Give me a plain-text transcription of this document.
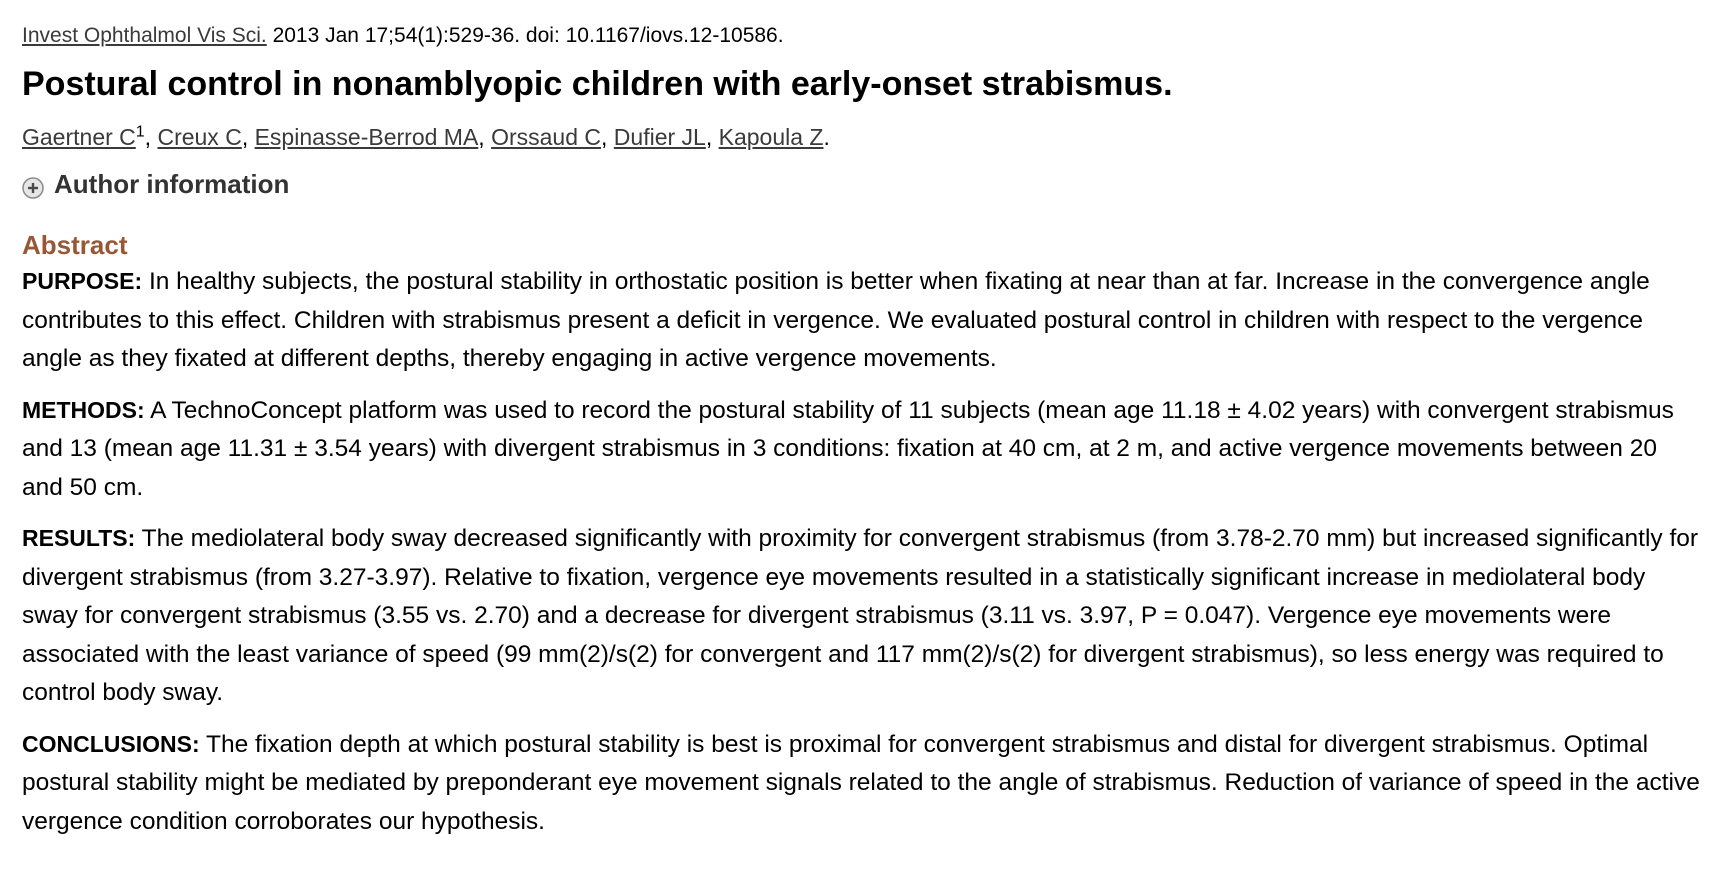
Invest Ophthalmol Vis Sci. 2013 Jan 17;54(1):529-36. doi: 10.1167/iovs.12-10586.
Postural control in nonamblyopic children with early-onset strabismus.
Gaertner $C^1$, Creux C, Espinasse-Berrod MA, Orssaud C, Dufier JL, Kapoula Z.
Author information
Abstract

PURPOSE: In healthy subjects, the postural stability in orthostatic position is better when fixating at near than at far. Increase in the convergence angle contributes to this effect. Children with strabismus present a deficit in vergence. We evaluated postural control in children with respect to the vergence angle as they fixated at different depths, thereby engaging in active vergence movements.

METHODS: A TechnoConcept platform was used to record the postural stability of 11 subjects (mean age 11.18 ± 4.02 years) with convergent strabismus and 13 (mean age 11.31 ± 3.54 years) with divergent strabismus in 3 conditions: fixation at 40 cm, at 2 m, and active vergence movements between 20 and 50 cm.

RESULTS: The mediolateral body sway decreased significantly with proximity for convergent strabismus (from 3.78-2.70 mm) but increased significantly for divergent strabismus (from 3.27-3.97). Relative to fixation, vergence eye movements resulted in a statistically significant increase in mediolateral body sway for convergent strabismus (3.55 vs. 2.70) and a decrease for divergent strabismus (3.11 vs. 3.97, P = 0.047). Vergence eye movements were associated with the least variance of speed (99 mm(2)/s(2) for convergent and 117 mm(2)/s(2) for divergent strabismus), so less energy was required to control body sway.

CONCLUSIONS: The fixation depth at which postural stability is best is proximal for convergent strabismus and distal for divergent strabismus. Optimal postural stability might be mediated by preponderant eye movement signals related to the angle of strabismus. Reduction of variance of speed in the active vergence condition corroborates our hypothesis.
